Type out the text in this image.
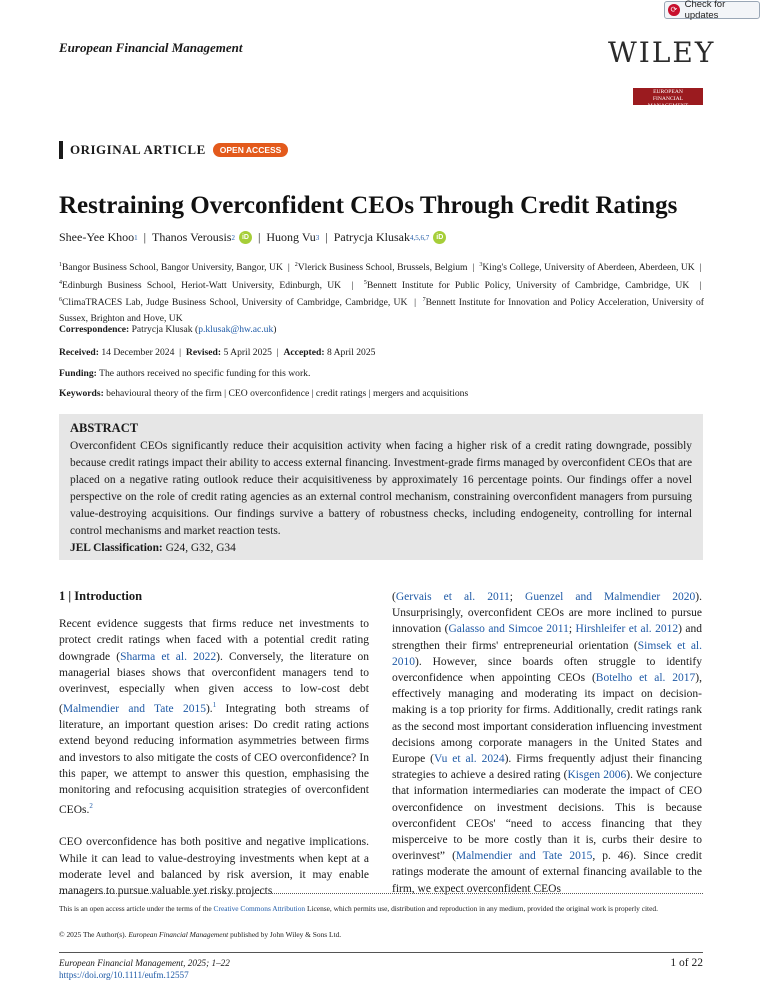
⟳ Check for updates
European Financial Management	WILEY
EUROPEAN
FINANCIAL MANAGEMENT
ORIGINAL ARTICLE	OPEN ACCESS
Restraining Overconfident CEOs Through Credit Ratings
Shee-Yee Khoo 1 | Thanos Verousis 2	iD | Huong Vu 3 | Patrycja Klusak 4,5,6,7	iD
$^1$Bangor Business School, Bangor University, Bangor, UK  |  $^2$Vlerick Business School, Brussels, Belgium  |  $^3$King's College, University of Aberdeen, Aberdeen, UK  |  $^4$Edinburgh Business School, Heriot-Watt University, Edinburgh, UK  |  $^5$Bennett Institute for Public Policy, University of Cambridge, Cambridge, UK  |  $^6$ClimaTRACES Lab, Judge Business School, University of Cambridge, Cambridge, UK  |  $^7$Bennett Institute for Innovation and Policy Acceleration, University of Sussex, Brighton and Hove, UK
Correspondence: Patrycja Klusak (p.klusak@hw.ac.uk)
Received: 14 December 2024  |  Revised: 5 April 2025  |  Accepted: 8 April 2025
Funding: The authors received no specific funding for this work.
Keywords: behavioural theory of the firm | CEO overconfidence | credit ratings | mergers and acquisitions
ABSTRACT
Overconfident CEOs significantly reduce their acquisition activity when facing a higher risk of a credit rating downgrade, possibly because credit ratings impact their ability to access external financing. Investment-grade firms managed by overconfident CEOs that are placed on a negative rating outlook reduce their acquisitiveness by approximately 16 percentage points. Our findings offer a novel perspective on the role of credit rating agencies as an external control mechanism, constraining overconfident managers from pursuing value-destroying acquisitions. Our findings survive a battery of robustness checks, including endogeneity, controlling for internal control mechanisms and market reaction tests.
JEL Classification: G24, G32, G34
1 | Introduction
Recent evidence suggests that firms reduce net investments to protect credit ratings when faced with a potential credit rating downgrade (Sharma et al. 2022). Conversely, the literature on managerial biases shows that overconfident managers tend to overinvest, especially when given access to low-cost debt (Malmendier and Tate 2015).$^1$ Integrating both streams of literature, an important question arises: Do credit rating actions extend beyond reducing information asymmetries between firms and investors to also mitigate the costs of CEO overconfidence? In this paper, we attempt to answer this question, emphasising the monitoring and refocusing acquisition strategies of overconfident CEOs.$^2$
CEO overconfidence has both positive and negative implications. While it can lead to value-destroying investments when kept at a moderate level and balanced by risk aversion, it may enable managers to pursue valuable yet risky projects
(Gervais et al. 2011; Guenzel and Malmendier 2020). Unsurprisingly, overconfident CEOs are more inclined to pursue innovation (Galasso and Simcoe 2011; Hirshleifer et al. 2012) and strengthen their firms' entrepreneurial orientation (Simsek et al. 2010). However, since boards often struggle to identify overconfidence when appointing CEOs (Botelho et al. 2017), effectively managing and moderating its impact on decision-making is a top priority for firms. Additionally, credit ratings rank as the second most important consideration influencing investment decisions among corporate managers in the United States and Europe (Vu et al. 2024). Firms frequently adjust their financing strategies to achieve a desired rating (Kisgen 2006). We conjecture that information intermediaries can moderate the impact of CEO overconfidence on investment decisions. This is because overconfident CEOs' “need to access financing that they misperceive to be more costly than it is, curbs their desire to overinvest” (Malmendier and Tate 2015, p. 46). Since credit ratings moderate the amount of external financing available to the firm, we expect overconfident CEOs
This is an open access article under the terms of the Creative Commons Attribution License, which permits use, distribution and reproduction in any medium, provided the original work is properly cited.
© 2025 The Author(s). European Financial Management published by John Wiley & Sons Ltd.
European Financial Management, 2025; 1–22
https://doi.org/10.1111/eufm.12557
1 of 22
